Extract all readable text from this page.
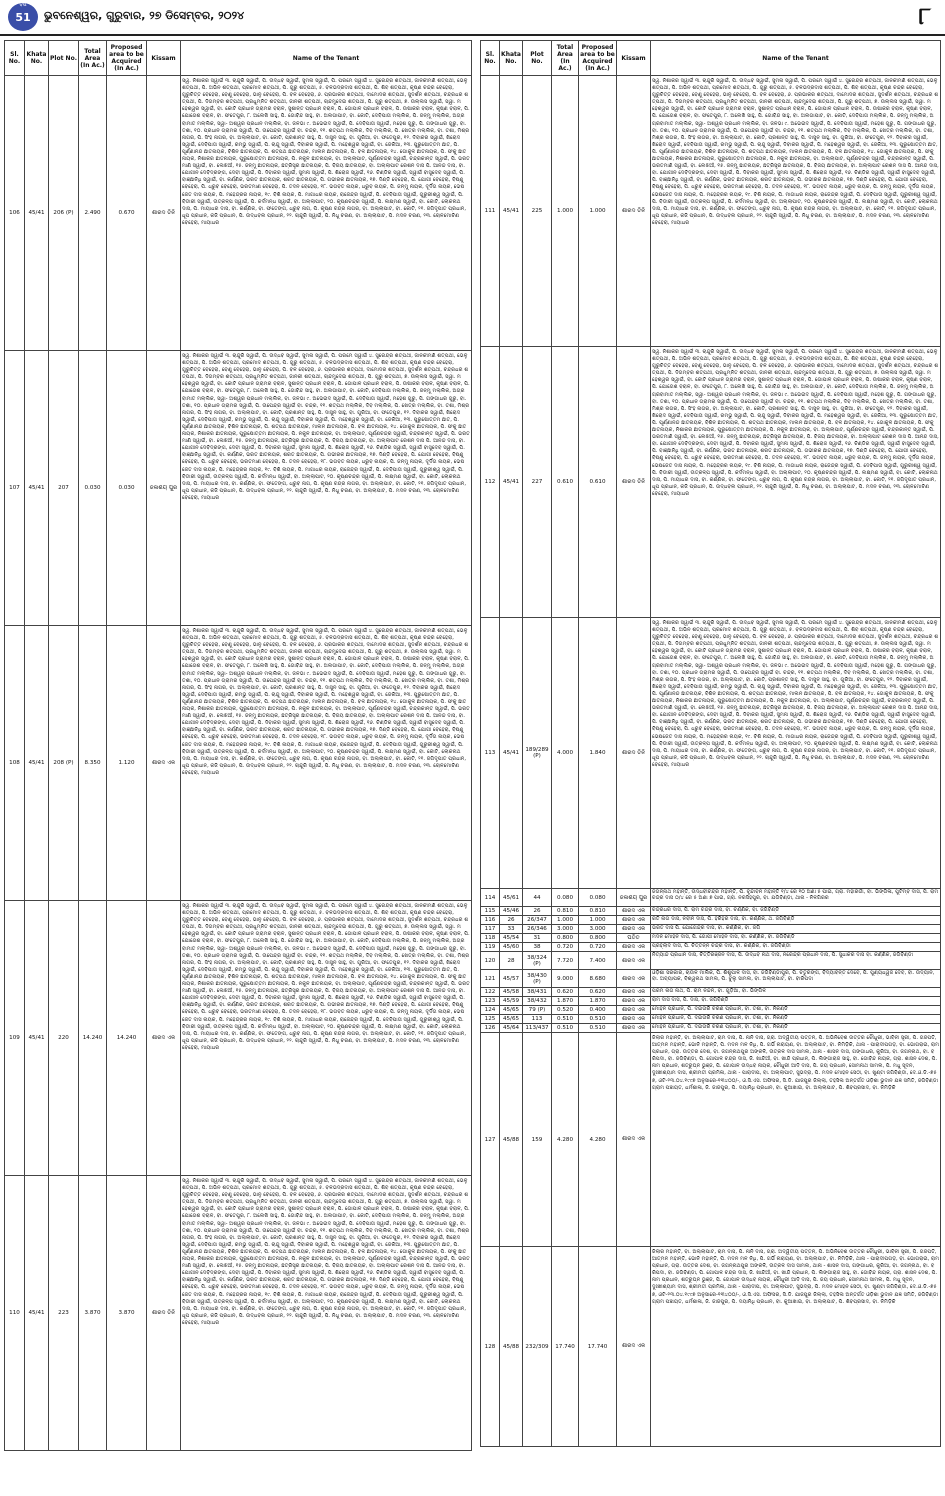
ବର୍ଷ
51	ଭୁବନେଶ୍ୱର, ଗୁରୁବାର, ୨୭ ଡିସେମ୍ବର, ୨୦୨୪	୮
Sl. No.	Khata No.	Plot No.	Total Area (In Ac.)	Proposed area to be Acquired (In Ac.)	Kissam	Name of the Tenant
106	45/41	206 (P)	2.490	0.670	ଶାରଦ ତିନି	ସ୍ୱ. ନିଶାକର ସ୍ୱାଇଁ ୩. ଚାନ୍ଦୁରି ସ୍ୱାଇଁ, ପି. ଉଦ୍ଧବ ସ୍ୱାଇଁ, ସୁମନା ସ୍ୱାଇଁ, ପି. ପରମେ ସ୍ୱାଇଁ ୪. ସୁରେନ୍ଦ୍ର ଶତ୍ପଥୀ, ଜାନକୀମଣି ଶତ୍ପଥୀ, ଭେଳୁ ଶତ୍ପଥୀ, ପି. ଅଭିନ ଶତ୍ପଥୀ, ପ୍ରମୋଦ ଶତ୍ପଥୀ, ପି. ଗୁରୁ ଶତ୍ପଥୀ, ୫. ବଳଭଦ୍ରଦାସ ଶତ୍ପଥୀ, ପି. ଶିବ ଶତ୍ପଥୀ, କୃଷ୍ଣ ଚନ୍ଦ୍ର ବେହେରା, ଗୁରୁଚିତ୍ତ ବେହେରା, ବେଣୁ ବେହେରା, ଭାନୁ ବେହେରା, ପି. ବଳ ବେହେରା, ୬. ପ୍ରଭାକର ଶତ୍ପଥୀ, ଦାମୋଦର ଶତ୍ପଥୀ, ସୁଦର୍ଶନ ଶତ୍ପଥୀ, ଚନ୍ଦ୍ରଧର ଶତ୍ପଥୀ, ପି. ଦିଗମ୍ବର ଶତ୍ପଥୀ, ପ୍ରଧୁମ୍ନିତ ଶତ୍ପଥୀ, ଜାନକୀ ଶତ୍ପଥୀ, ଚାନ୍ଦମୁଦେଇ ଶତ୍ପଥୀ, ପି. ଗୁରୁ ଶତ୍ପଥୀ, ୭. ଉଲ୍ଲସ ସ୍ୱାଇଁ, ସ୍ୱା. ମହେଶ୍ୱର ସ୍ୱାଇଁ, ବା. କୋଟି ପ୍ରଧାନ ଗ୍ରାମର ବରାଳ, ସୁଶାନ୍ତ ପ୍ରଧାନ ବରାଳ, ପି. ଗୋପାଳ ପ୍ରଧାନ ବରାଳ, ପି. ଉଷାକର ବରାଳ, କୃଷ୍ଣ ବରାଳ, ପି. ଯୋଗେଶ ବରାଳ, ବା. ଫତେପୁର, ୮. ଅଲେଖି ସାହୁ, ପି. ଗୋବିନ୍ଦ ସାହୁ, ବା. ଅଲଗାପାଟ, ବା. କୋଟି, ଦେବିପାତା ମଲ୍ଲିକ, ପି. ଜନ୍ମୁ ମଲ୍ଲିକ, ଅଗ୍ରବାମାତ ମଲ୍ଲିକ, ସ୍ୱା- ଅଶ୍ୱର ପ୍ରଧାନ ମଲ୍ଲିକ, ବା. ଜଳଭା ୯. ଅଭେଇଦ ସ୍ୱାଇଁ, ପି. ଦେବିପାତା ସ୍ୱାଇଁ, ମହେଶ ଗୁରୁ, ପି. ଗଙ୍ଗାଧର ଗୁରୁ, ବା. ତଶା, ୧୦. ପ୍ରଧାନ ଗ୍ରାମର ସ୍ୱାଇଁ, ପି. ଉପେନ୍ଦ୍ର ସ୍ୱାଇଁ ବା. ଚନ୍ଦ୍ର, ୧୧. ଶତ୍ପଥ ମଲ୍ଲିକ, ଦିବ ମଲ୍ଲିକ, ପି. ଖେତ୍ର ମଲ୍ଲିକ, ବା. ତଶା, ମିଶ୍ର ନାଗର, ପି. ସିଂହ ନାଗର, ବା. ଅଲ୍ଲାପାଟ, ବା. କୋଟି, ପ୍ରଶାନ୍ତ ସାହୁ, ପି. ଦାସୁନ ସାହୁ, ବା. ଗୁରିଆ, ବା. ଫତେପୁର, ୧୨. ଦିବାକର ସ୍ୱାଇଁ, ଖିରୋଦ ସ୍ୱାଇଁ, ଦେବିପାତା ସ୍ୱାଇଁ, ରମ୍ଭୁ ସ୍ୱାଇଁ, ପି. ଚାନ୍ଦୁ ସ୍ୱାଇଁ, ଦିବାକର ସ୍ୱାଇଁ, ପି. ମହେଶ୍ୱର ସ୍ୱାଇଁ, ବା. ଜେକିଆ, ୧୩. ପୁରୁଷୋତ୍ତମ ଛାତ, ପି. ପୂର୍ଣ୍ଣାନନ୍ଦ ଛାତନାୟକ, ବିଶିନ ଛାତନାୟକ, ପି. ଶତ୍ପଥ ଛାତନାୟକ, ମାଲନ ଛାତନାୟକ, ପି. ବଳ ଛାତନାୟକ, ୧୪. ଗୋକୁଳ ଛାତନାୟକ, ପି. ଫକୁ ଛାତନାୟକ, ନିଶାକର ଛାତନାୟକ, ପୁରୁଷୋତ୍ତମ ଛାତନାୟକ, ପି. ନକୁଳ ଛାତନାୟକ, ବା. ଅଲ୍ଲାପାଟ, ପୂର୍ଣ୍ଣଚନ୍ଦ୍ର ସ୍ୱାଇଁ, ଚନ୍ଦ୍ରକାନ୍ତ ସ୍ୱାଇଁ, ପି. ଭରତମାଣି ସ୍ୱାଇଁ, ବା. ଲେଝିଆଁ, ୧୫. ଜନ୍ମୁ ଛାତନାୟକ, ଛତ୍ରିସ୍ତ୍ର ଛାତନାୟକ, ପି. ବିଜୟ ଛାତନାୟକ, ବା. ଅଲ୍ଲାପାଟ ରେଶନ ଦାସ ପି. ଆନନ୍ଦ ଦାସ, ବା. ଯୋଗୀନ ଦେବିଦ୍ରଙ୍ଗ, ଦେବୀ ସ୍ୱାଇଁ, ପି. ଦିବାକର ସ୍ୱାଇଁ, ସୁମନା ସ୍ୱାଇଁ, ପି. ଶିରୋଜ ସ୍ୱାଇଁ, ୧୬. ଚିଣ୍ଡିର ସ୍ୱାଇଁ, ସ୍ୱାଇଁ ବାସୁଦେବ ସ୍ୱାଇଁ, ପି. ବାଞ୍ଛାନିଧି ସ୍ୱାଇଁ, ବା. କର୍ଣ୍ଣିକ, ଭରତ ଛାତନାୟକ, ଶରତ ଛାତନାୟକ, ପି. ଗଭୀରକ ଛାତନାୟକ, ୧୭. ଦିଣ୍ଡି ବେହେରା, ପି. ଯୋଗୀ ବେହେରା, ବିଷ୍ଣୁ ବେହେରା, ପି. ଧ୍ରୁବ ବେହେରା, ଭରତମାଣ ବେହେରା, ପି. ତଦନ ବେହେରା, ୧୮. ଭଗବତ ନାୟକ, ଧ୍ରୁବ ନାୟକ, ପି. ଜନ୍ମୁ ନାୟକ, ଦୂର୍ଦିଗ ନାୟକ, ଭେଷଜେତ ଦାସ ନାୟକ, ପି. ମହେନ୍ଦ୍ରର ନାୟକ, ୧୯. ବିଶି ନାୟକ, ପି. ମାଗାଧର ନାୟକ, ରାଜେନ୍ଦ୍ର ସ୍ୱାଇଁ, ପି. ଦେବିପାତା ସ୍ୱାଇଁ, ଗୁରୁରୀଶ୍ୱ ସ୍ୱାଇଁ, ପି. ବିଡାରୀ ସ୍ୱାଇଁ, ଉତ୍କଳ୍ପ ସ୍ୱାଇଁ, ପି. କର୍ଦମନ୍ଧ ସ୍ୱାଇଁ, ବା. ଅଲ୍ଲାପାଟ, ୨୦. କୃଷ୍ଣଚନ୍ଦ୍ର ସ୍ୱାଇଁ, ପି. ଲକ୍ଷ୍ମଣ ସ୍ୱାଇଁ, ବା. କୋଟି, ଲୋକନାଥ ଦାସ, ପି. ମାୟାଧର ଦାସ, ବା. କର୍ଣ୍ଣିକ, ବା. ଫତେଙ୍ଗ, ଧ୍ରୁବ ନାଗ, ପି. କୃଷ୍ଣ ଚନ୍ଦ୍ର ନାଗର, ବା. ଅଲ୍ଲାପାଟ, ବା. କୋଟି, ୨୧. ଜଗିଦୃପାତ ପ୍ରଧାନ, ଧୂପ ପ୍ରଧାନ, କଜି ପ୍ରଧାନ, ପି. ଉଦ୍ଧବଲ ପ୍ରଧାନ, ୨୨. ଚାନ୍ଦୁରି ସ୍ୱାଇଁ, ପି. ନିଧୁ ଚରଣ, ବା. ଅଲ୍ଲାପାଟ, ପି. ମଦନ ଚରଣ, ୨୩. ଚୋଳମୋଚିଣ ବେହେରା, ମାୟାଧର
107	45/41	207	0.030	0.030	ଜଳାଶୟ ପୁର	ସ୍ୱ. ନିଶାକର ସ୍ୱାଇଁ ୩. ଚାନ୍ଦୁରି ସ୍ୱାଇଁ, ପି. ଉଦ୍ଧବ ସ୍ୱାଇଁ, ସୁମନା ସ୍ୱାଇଁ, ପି. ପରମେ ସ୍ୱାଇଁ ୪. ସୁରେନ୍ଦ୍ର ଶତ୍ପଥୀ, ଜାନକୀମଣି ଶତ୍ପଥୀ, ଭେଳୁ ଶତ୍ପଥୀ, ପି. ଅଭିନ ଶତ୍ପଥୀ, ପ୍ରମୋଦ ଶତ୍ପଥୀ, ପି. ଗୁରୁ ଶତ୍ପଥୀ, ୫. ବଳଭଦ୍ରଦାସ ଶତ୍ପଥୀ, ପି. ଶିବ ଶତ୍ପଥୀ, କୃଷ୍ଣ ଚନ୍ଦ୍ର ବେହେରା, ଗୁରୁଚିତ୍ତ ବେହେରା, ବେଣୁ ବେହେରା, ଭାନୁ ବେହେରା, ପି. ବଳ ବେହେରା, ୬. ପ୍ରଭାକର ଶତ୍ପଥୀ, ଦାମୋଦର ଶତ୍ପଥୀ, ସୁଦର୍ଶନ ଶତ୍ପଥୀ, ଚନ୍ଦ୍ରଧର ଶତ୍ପଥୀ, ପି. ଦିଗମ୍ବର ଶତ୍ପଥୀ, ପ୍ରଧୁମ୍ନିତ ଶତ୍ପଥୀ, ଜାନକୀ ଶତ୍ପଥୀ, ଚାନ୍ଦମୁଦେଇ ଶତ୍ପଥୀ, ପି. ଗୁରୁ ଶତ୍ପଥୀ, ୭. ଉଲ୍ଲସ ସ୍ୱାଇଁ, ସ୍ୱା. ମହେଶ୍ୱର ସ୍ୱାଇଁ, ବା. କୋଟି ପ୍ରଧାନ ଗ୍ରାମର ବରାଳ, ସୁଶାନ୍ତ ପ୍ରଧାନ ବରାଳ, ପି. ଗୋପାଳ ପ୍ରଧାନ ବରାଳ, ପି. ଉଷାକର ବରାଳ, କୃଷ୍ଣ ବରାଳ, ପି. ଯୋଗେଶ ବରାଳ, ବା. ଫତେପୁର, ୮. ଅଲେଖି ସାହୁ, ପି. ଗୋବିନ୍ଦ ସାହୁ, ବା. ଅଲଗାପାଟ, ବା. କୋଟି, ଦେବିପାତା ମଲ୍ଲିକ, ପି. ଜନ୍ମୁ ମଲ୍ଲିକ, ଅଗ୍ରବାମାତ ମଲ୍ଲିକ, ସ୍ୱା- ଅଶ୍ୱର ପ୍ରଧାନ ମଲ୍ଲିକ, ବା. ଜଳଭା ୯. ଅଭେଇଦ ସ୍ୱାଇଁ, ପି. ଦେବିପାତା ସ୍ୱାଇଁ, ମହେଶ ଗୁରୁ, ପି. ଗଙ୍ଗାଧର ଗୁରୁ, ବା. ତଶା, ୧୦. ପ୍ରଧାନ ଗ୍ରାମର ସ୍ୱାଇଁ, ପି. ଉପେନ୍ଦ୍ର ସ୍ୱାଇଁ ବା. ଚନ୍ଦ୍ର, ୧୧. ଶତ୍ପଥ ମଲ୍ଲିକ, ଦିବ ମଲ୍ଲିକ, ପି. ଖେତ୍ର ମଲ୍ଲିକ, ବା. ତଶା, ମିଶ୍ର ନାଗର, ପି. ସିଂହ ନାଗର, ବା. ଅଲ୍ଲାପାଟ, ବା. କୋଟି, ପ୍ରଶାନ୍ତ ସାହୁ, ପି. ଦାସୁନ ସାହୁ, ବା. ଗୁରିଆ, ବା. ଫତେପୁର, ୧୨. ଦିବାକର ସ୍ୱାଇଁ, ଖିରୋଦ ସ୍ୱାଇଁ, ଦେବିପାତା ସ୍ୱାଇଁ, ରମ୍ଭୁ ସ୍ୱାଇଁ, ପି. ଚାନ୍ଦୁ ସ୍ୱାଇଁ, ଦିବାକର ସ୍ୱାଇଁ, ପି. ମହେଶ୍ୱର ସ୍ୱାଇଁ, ବା. ଜେକିଆ, ୧୩. ପୁରୁଷୋତ୍ତମ ଛାତ, ପି. ପୂର୍ଣ୍ଣାନନ୍ଦ ଛାତନାୟକ, ବିଶିନ ଛାତନାୟକ, ପି. ଶତ୍ପଥ ଛାତନାୟକ, ମାଲନ ଛାତନାୟକ, ପି. ବଳ ଛାତନାୟକ, ୧୪. ଗୋକୁଳ ଛାତନାୟକ, ପି. ଫକୁ ଛାତନାୟକ, ନିଶାକର ଛାତନାୟକ, ପୁରୁଷୋତ୍ତମ ଛାତନାୟକ, ପି. ନକୁଳ ଛାତନାୟକ, ବା. ଅଲ୍ଲାପାଟ, ପୂର୍ଣ୍ଣଚନ୍ଦ୍ର ସ୍ୱାଇଁ, ଚନ୍ଦ୍ରକାନ୍ତ ସ୍ୱାଇଁ, ପି. ଭରତମାଣି ସ୍ୱାଇଁ, ବା. ଲେଝିଆଁ, ୧୫. ଜନ୍ମୁ ଛାତନାୟକ, ଛତ୍ରିସ୍ତ୍ର ଛାତନାୟକ, ପି. ବିଜୟ ଛାତନାୟକ, ବା. ଅଲ୍ଲାପାଟ ରେଶନ ଦାସ ପି. ଆନନ୍ଦ ଦାସ, ବା. ଯୋଗୀନ ଦେବିଦ୍ରଙ୍ଗ, ଦେବୀ ସ୍ୱାଇଁ, ପି. ଦିବାକର ସ୍ୱାଇଁ, ସୁମନା ସ୍ୱାଇଁ, ପି. ଶିରୋଜ ସ୍ୱାଇଁ, ୧୬. ଚିଣ୍ଡିର ସ୍ୱାଇଁ, ସ୍ୱାଇଁ ବାସୁଦେବ ସ୍ୱାଇଁ, ପି. ବାଞ୍ଛାନିଧି ସ୍ୱାଇଁ, ବା. କର୍ଣ୍ଣିକ, ଭରତ ଛାତନାୟକ, ଶରତ ଛାତନାୟକ, ପି. ଗଭୀରକ ଛାତନାୟକ, ୧୭. ଦିଣ୍ଡି ବେହେରା, ପି. ଯୋଗୀ ବେହେରା, ବିଷ୍ଣୁ ବେହେରା, ପି. ଧ୍ରୁବ ବେହେରା, ଭରତମାଣ ବେହେରା, ପି. ତଦନ ବେହେରା, ୧୮. ଭଗବତ ନାୟକ, ଧ୍ରୁବ ନାୟକ, ପି. ଜନ୍ମୁ ନାୟକ, ଦୂର୍ଦିଗ ନାୟକ, ଭେଷଜେତ ଦାସ ନାୟକ, ପି. ମହେନ୍ଦ୍ରର ନାୟକ, ୧୯. ବିଶି ନାୟକ, ପି. ମାଗାଧର ନାୟକ, ରାଜେନ୍ଦ୍ର ସ୍ୱାଇଁ, ପି. ଦେବିପାତା ସ୍ୱାଇଁ, ଗୁରୁରୀଶ୍ୱ ସ୍ୱାଇଁ, ପି. ବିଡାରୀ ସ୍ୱାଇଁ, ଉତ୍କଳ୍ପ ସ୍ୱାଇଁ, ପି. କର୍ଦମନ୍ଧ ସ୍ୱାଇଁ, ବା. ଅଲ୍ଲାପାଟ, ୨୦. କୃଷ୍ଣଚନ୍ଦ୍ର ସ୍ୱାଇଁ, ପି. ଲକ୍ଷ୍ମଣ ସ୍ୱାଇଁ, ବା. କୋଟି, ଲୋକନାଥ ଦାସ, ପି. ମାୟାଧର ଦାସ, ବା. କର୍ଣ୍ଣିକ, ବା. ଫତେଙ୍ଗ, ଧ୍ରୁବ ନାଗ, ପି. କୃଷ୍ଣ ଚନ୍ଦ୍ର ନାଗର, ବା. ଅଲ୍ଲାପାଟ, ବା. କୋଟି, ୨୧. ଜଗିଦୃପାତ ପ୍ରଧାନ, ଧୂପ ପ୍ରଧାନ, କଜି ପ୍ରଧାନ, ପି. ଉଦ୍ଧବଲ ପ୍ରଧାନ, ୨୨. ଚାନ୍ଦୁରି ସ୍ୱାଇଁ, ପି. ନିଧୁ ଚରଣ, ବା. ଅଲ୍ଲାପାଟ, ପି. ମଦନ ଚରଣ, ୨୩. ଚୋଳମୋଚିଣ ବେହେରା, ମାୟାଧର
108	45/41	208 (P)	8.350	1.120	ଶାରଦ ଏକ	ସ୍ୱ. ନିଶାକର ସ୍ୱାଇଁ ୩. ଚାନ୍ଦୁରି ସ୍ୱାଇଁ, ପି. ଉଦ୍ଧବ ସ୍ୱାଇଁ, ସୁମନା ସ୍ୱାଇଁ, ପି. ପରମେ ସ୍ୱାଇଁ ୪. ସୁରେନ୍ଦ୍ର ଶତ୍ପଥୀ, ଜାନକୀମଣି ଶତ୍ପଥୀ, ଭେଳୁ ଶତ୍ପଥୀ, ପି. ଅଭିନ ଶତ୍ପଥୀ, ପ୍ରମୋଦ ଶତ୍ପଥୀ, ପି. ଗୁରୁ ଶତ୍ପଥୀ, ୫. ବଳଭଦ୍ରଦାସ ଶତ୍ପଥୀ, ପି. ଶିବ ଶତ୍ପଥୀ, କୃଷ୍ଣ ଚନ୍ଦ୍ର ବେହେରା, ଗୁରୁଚିତ୍ତ ବେହେରା, ବେଣୁ ବେହେରା, ଭାନୁ ବେହେରା, ପି. ବଳ ବେହେରା, ୬. ପ୍ରଭାକର ଶତ୍ପଥୀ, ଦାମୋଦର ଶତ୍ପଥୀ, ସୁଦର୍ଶନ ଶତ୍ପଥୀ, ଚନ୍ଦ୍ରଧର ଶତ୍ପଥୀ, ପି. ଦିଗମ୍ବର ଶତ୍ପଥୀ, ପ୍ରଧୁମ୍ନିତ ଶତ୍ପଥୀ, ଜାନକୀ ଶତ୍ପଥୀ, ଚାନ୍ଦମୁଦେଇ ଶତ୍ପଥୀ, ପି. ଗୁରୁ ଶତ୍ପଥୀ, ୭. ଉଲ୍ଲସ ସ୍ୱାଇଁ, ସ୍ୱା. ମହେଶ୍ୱର ସ୍ୱାଇଁ, ବା. କୋଟି ପ୍ରଧାନ ଗ୍ରାମର ବରାଳ, ସୁଶାନ୍ତ ପ୍ରଧାନ ବରାଳ, ପି. ଗୋପାଳ ପ୍ରଧାନ ବରାଳ, ପି. ଉଷାକର ବରାଳ, କୃଷ୍ଣ ବରାଳ, ପି. ଯୋଗେଶ ବରାଳ, ବା. ଫତେପୁର, ୮. ଅଲେଖି ସାହୁ, ପି. ଗୋବିନ୍ଦ ସାହୁ, ବା. ଅଲଗାପାଟ, ବା. କୋଟି, ଦେବିପାତା ମଲ୍ଲିକ, ପି. ଜନ୍ମୁ ମଲ୍ଲିକ, ଅଗ୍ରବାମାତ ମଲ୍ଲିକ, ସ୍ୱା- ଅଶ୍ୱର ପ୍ରଧାନ ମଲ୍ଲିକ, ବା. ଜଳଭା ୯. ଅଭେଇଦ ସ୍ୱାଇଁ, ପି. ଦେବିପାତା ସ୍ୱାଇଁ, ମହେଶ ଗୁରୁ, ପି. ଗଙ୍ଗାଧର ଗୁରୁ, ବା. ତଶା, ୧୦. ପ୍ରଧାନ ଗ୍ରାମର ସ୍ୱାଇଁ, ପି. ଉପେନ୍ଦ୍ର ସ୍ୱାଇଁ ବା. ଚନ୍ଦ୍ର, ୧୧. ଶତ୍ପଥ ମଲ୍ଲିକ, ଦିବ ମଲ୍ଲିକ, ପି. ଖେତ୍ର ମଲ୍ଲିକ, ବା. ତଶା, ମିଶ୍ର ନାଗର, ପି. ସିଂହ ନାଗର, ବା. ଅଲ୍ଲାପାଟ, ବା. କୋଟି, ପ୍ରଶାନ୍ତ ସାହୁ, ପି. ଦାସୁନ ସାହୁ, ବା. ଗୁରିଆ, ବା. ଫତେପୁର, ୧୨. ଦିବାକର ସ୍ୱାଇଁ, ଖିରୋଦ ସ୍ୱାଇଁ, ଦେବିପାତା ସ୍ୱାଇଁ, ରମ୍ଭୁ ସ୍ୱାଇଁ, ପି. ଚାନ୍ଦୁ ସ୍ୱାଇଁ, ଦିବାକର ସ୍ୱାଇଁ, ପି. ମହେଶ୍ୱର ସ୍ୱାଇଁ, ବା. ଜେକିଆ, ୧୩. ପୁରୁଷୋତ୍ତମ ଛାତ, ପି. ପୂର୍ଣ୍ଣାନନ୍ଦ ଛାତନାୟକ, ବିଶିନ ଛାତନାୟକ, ପି. ଶତ୍ପଥ ଛାତନାୟକ, ମାଲନ ଛାତନାୟକ, ପି. ବଳ ଛାତନାୟକ, ୧୪. ଗୋକୁଳ ଛାତନାୟକ, ପି. ଫକୁ ଛାତନାୟକ, ନିଶାକର ଛାତନାୟକ, ପୁରୁଷୋତ୍ତମ ଛାତନାୟକ, ପି. ନକୁଳ ଛାତନାୟକ, ବା. ଅଲ୍ଲାପାଟ, ପୂର୍ଣ୍ଣଚନ୍ଦ୍ର ସ୍ୱାଇଁ, ଚନ୍ଦ୍ରକାନ୍ତ ସ୍ୱାଇଁ, ପି. ଭରତମାଣି ସ୍ୱାଇଁ, ବା. ଲେଝିଆଁ, ୧୫. ଜନ୍ମୁ ଛାତନାୟକ, ଛତ୍ରିସ୍ତ୍ର ଛାତନାୟକ, ପି. ବିଜୟ ଛାତନାୟକ, ବା. ଅଲ୍ଲାପାଟ ରେଶନ ଦାସ ପି. ଆନନ୍ଦ ଦାସ, ବା. ଯୋଗୀନ ଦେବିଦ୍ରଙ୍ଗ, ଦେବୀ ସ୍ୱାଇଁ, ପି. ଦିବାକର ସ୍ୱାଇଁ, ସୁମନା ସ୍ୱାଇଁ, ପି. ଶିରୋଜ ସ୍ୱାଇଁ, ୧୬. ଚିଣ୍ଡିର ସ୍ୱାଇଁ, ସ୍ୱାଇଁ ବାସୁଦେବ ସ୍ୱାଇଁ, ପି. ବାଞ୍ଛାନିଧି ସ୍ୱାଇଁ, ବା. କର୍ଣ୍ଣିକ, ଭରତ ଛାତନାୟକ, ଶରତ ଛାତନାୟକ, ପି. ଗଭୀରକ ଛାତନାୟକ, ୧୭. ଦିଣ୍ଡି ବେହେରା, ପି. ଯୋଗୀ ବେହେରା, ବିଷ୍ଣୁ ବେହେରା, ପି. ଧ୍ରୁବ ବେହେରା, ଭରତମାଣ ବେହେରା, ପି. ତଦନ ବେହେରା, ୧୮. ଭଗବତ ନାୟକ, ଧ୍ରୁବ ନାୟକ, ପି. ଜନ୍ମୁ ନାୟକ, ଦୂର୍ଦିଗ ନାୟକ, ଭେଷଜେତ ଦାସ ନାୟକ, ପି. ମହେନ୍ଦ୍ରର ନାୟକ, ୧୯. ବିଶି ନାୟକ, ପି. ମାଗାଧର ନାୟକ, ରାଜେନ୍ଦ୍ର ସ୍ୱାଇଁ, ପି. ଦେବିପାତା ସ୍ୱାଇଁ, ଗୁରୁରୀଶ୍ୱ ସ୍ୱାଇଁ, ପି. ବିଡାରୀ ସ୍ୱାଇଁ, ଉତ୍କଳ୍ପ ସ୍ୱାଇଁ, ପି. କର୍ଦମନ୍ଧ ସ୍ୱାଇଁ, ବା. ଅଲ୍ଲାପାଟ, ୨୦. କୃଷ୍ଣଚନ୍ଦ୍ର ସ୍ୱାଇଁ, ପି. ଲକ୍ଷ୍ମଣ ସ୍ୱାଇଁ, ବା. କୋଟି, ଲୋକନାଥ ଦାସ, ପି. ମାୟାଧର ଦାସ, ବା. କର୍ଣ୍ଣିକ, ବା. ଫତେଙ୍ଗ, ଧ୍ରୁବ ନାଗ, ପି. କୃଷ୍ଣ ଚନ୍ଦ୍ର ନାଗର, ବା. ଅଲ୍ଲାପାଟ, ବା. କୋଟି, ୨୧. ଜଗିଦୃପାତ ପ୍ରଧାନ, ଧୂପ ପ୍ରଧାନ, କଜି ପ୍ରଧାନ, ପି. ଉଦ୍ଧବଲ ପ୍ରଧାନ, ୨୨. ଚାନ୍ଦୁରି ସ୍ୱାଇଁ, ପି. ନିଧୁ ଚରଣ, ବା. ଅଲ୍ଲାପାଟ, ପି. ମଦନ ଚରଣ, ୨୩. ଚୋଳମୋଚିଣ ବେହେରା, ମାୟାଧର
109	45/41	220	14.240	14.240	ଶାରଦ ଏକ	ସ୍ୱ. ନିଶାକର ସ୍ୱାଇଁ ୩. ଚାନ୍ଦୁରି ସ୍ୱାଇଁ, ପି. ଉଦ୍ଧବ ସ୍ୱାଇଁ, ସୁମନା ସ୍ୱାଇଁ, ପି. ପରମେ ସ୍ୱାଇଁ ୪. ସୁରେନ୍ଦ୍ର ଶତ୍ପଥୀ, ଜାନକୀମଣି ଶତ୍ପଥୀ, ଭେଳୁ ଶତ୍ପଥୀ, ପି. ଅଭିନ ଶତ୍ପଥୀ, ପ୍ରମୋଦ ଶତ୍ପଥୀ, ପି. ଗୁରୁ ଶତ୍ପଥୀ, ୫. ବଳଭଦ୍ରଦାସ ଶତ୍ପଥୀ, ପି. ଶିବ ଶତ୍ପଥୀ, କୃଷ୍ଣ ଚନ୍ଦ୍ର ବେହେରା, ଗୁରୁଚିତ୍ତ ବେହେରା, ବେଣୁ ବେହେରା, ଭାନୁ ବେହେରା, ପି. ବଳ ବେହେରା, ୬. ପ୍ରଭାକର ଶତ୍ପଥୀ, ଦାମୋଦର ଶତ୍ପଥୀ, ସୁଦର୍ଶନ ଶତ୍ପଥୀ, ଚନ୍ଦ୍ରଧର ଶତ୍ପଥୀ, ପି. ଦିଗମ୍ବର ଶତ୍ପଥୀ, ପ୍ରଧୁମ୍ନିତ ଶତ୍ପଥୀ, ଜାନକୀ ଶତ୍ପଥୀ, ଚାନ୍ଦମୁଦେଇ ଶତ୍ପଥୀ, ପି. ଗୁରୁ ଶତ୍ପଥୀ, ୭. ଉଲ୍ଲସ ସ୍ୱାଇଁ, ସ୍ୱା. ମହେଶ୍ୱର ସ୍ୱାଇଁ, ବା. କୋଟି ପ୍ରଧାନ ଗ୍ରାମର ବରାଳ, ସୁଶାନ୍ତ ପ୍ରଧାନ ବରାଳ, ପି. ଗୋପାଳ ପ୍ରଧାନ ବରାଳ, ପି. ଉଷାକର ବରାଳ, କୃଷ୍ଣ ବରାଳ, ପି. ଯୋଗେଶ ବରାଳ, ବା. ଫତେପୁର, ୮. ଅଲେଖି ସାହୁ, ପି. ଗୋବିନ୍ଦ ସାହୁ, ବା. ଅଲଗାପାଟ, ବା. କୋଟି, ଦେବିପାତା ମଲ୍ଲିକ, ପି. ଜନ୍ମୁ ମଲ୍ଲିକ, ଅଗ୍ରବାମାତ ମଲ୍ଲିକ, ସ୍ୱା- ଅଶ୍ୱର ପ୍ରଧାନ ମଲ୍ଲିକ, ବା. ଜଳଭା ୯. ଅଭେଇଦ ସ୍ୱାଇଁ, ପି. ଦେବିପାତା ସ୍ୱାଇଁ, ମହେଶ ଗୁରୁ, ପି. ଗଙ୍ଗାଧର ଗୁରୁ, ବା. ତଶା, ୧୦. ପ୍ରଧାନ ଗ୍ରାମର ସ୍ୱାଇଁ, ପି. ଉପେନ୍ଦ୍ର ସ୍ୱାଇଁ ବା. ଚନ୍ଦ୍ର, ୧୧. ଶତ୍ପଥ ମଲ୍ଲିକ, ଦିବ ମଲ୍ଲିକ, ପି. ଖେତ୍ର ମଲ୍ଲିକ, ବା. ତଶା, ମିଶ୍ର ନାଗର, ପି. ସିଂହ ନାଗର, ବା. ଅଲ୍ଲାପାଟ, ବା. କୋଟି, ପ୍ରଶାନ୍ତ ସାହୁ, ପି. ଦାସୁନ ସାହୁ, ବା. ଗୁରିଆ, ବା. ଫତେପୁର, ୧୨. ଦିବାକର ସ୍ୱାଇଁ, ଖିରୋଦ ସ୍ୱାଇଁ, ଦେବିପାତା ସ୍ୱାଇଁ, ରମ୍ଭୁ ସ୍ୱାଇଁ, ପି. ଚାନ୍ଦୁ ସ୍ୱାଇଁ, ଦିବାକର ସ୍ୱାଇଁ, ପି. ମହେଶ୍ୱର ସ୍ୱାଇଁ, ବା. ଜେକିଆ, ୧୩. ପୁରୁଷୋତ୍ତମ ଛାତ, ପି. ପୂର୍ଣ୍ଣାନନ୍ଦ ଛାତନାୟକ, ବିଶିନ ଛାତନାୟକ, ପି. ଶତ୍ପଥ ଛାତନାୟକ, ମାଲନ ଛାତନାୟକ, ପି. ବଳ ଛାତନାୟକ, ୧୪. ଗୋକୁଳ ଛାତନାୟକ, ପି. ଫକୁ ଛାତନାୟକ, ନିଶାକର ଛାତନାୟକ, ପୁରୁଷୋତ୍ତମ ଛାତନାୟକ, ପି. ନକୁଳ ଛାତନାୟକ, ବା. ଅଲ୍ଲାପାଟ, ପୂର୍ଣ୍ଣଚନ୍ଦ୍ର ସ୍ୱାଇଁ, ଚନ୍ଦ୍ରକାନ୍ତ ସ୍ୱାଇଁ, ପି. ଭରତମାଣି ସ୍ୱାଇଁ, ବା. ଲେଝିଆଁ, ୧୫. ଜନ୍ମୁ ଛାତନାୟକ, ଛତ୍ରିସ୍ତ୍ର ଛାତନାୟକ, ପି. ବିଜୟ ଛାତନାୟକ, ବା. ଅଲ୍ଲାପାଟ ରେଶନ ଦାସ ପି. ଆନନ୍ଦ ଦାସ, ବା. ଯୋଗୀନ ଦେବିଦ୍ରଙ୍ଗ, ଦେବୀ ସ୍ୱାଇଁ, ପି. ଦିବାକର ସ୍ୱାଇଁ, ସୁମନା ସ୍ୱାଇଁ, ପି. ଶିରୋଜ ସ୍ୱାଇଁ, ୧୬. ଚିଣ୍ଡିର ସ୍ୱାଇଁ, ସ୍ୱାଇଁ ବାସୁଦେବ ସ୍ୱାଇଁ, ପି. ବାଞ୍ଛାନିଧି ସ୍ୱାଇଁ, ବା. କର୍ଣ୍ଣିକ, ଭରତ ଛାତନାୟକ, ଶରତ ଛାତନାୟକ, ପି. ଗଭୀରକ ଛାତନାୟକ, ୧୭. ଦିଣ୍ଡି ବେହେରା, ପି. ଯୋଗୀ ବେହେରା, ବିଷ୍ଣୁ ବେହେରା, ପି. ଧ୍ରୁବ ବେହେରା, ଭରତମାଣ ବେହେରା, ପି. ତଦନ ବେହେରା, ୧୮. ଭଗବତ ନାୟକ, ଧ୍ରୁବ ନାୟକ, ପି. ଜନ୍ମୁ ନାୟକ, ଦୂର୍ଦିଗ ନାୟକ, ଭେଷଜେତ ଦାସ ନାୟକ, ପି. ମହେନ୍ଦ୍ରର ନାୟକ, ୧୯. ବିଶି ନାୟକ, ପି. ମାଗାଧର ନାୟକ, ରାଜେନ୍ଦ୍ର ସ୍ୱାଇଁ, ପି. ଦେବିପାତା ସ୍ୱାଇଁ, ଗୁରୁରୀଶ୍ୱ ସ୍ୱାଇଁ, ପି. ବିଡାରୀ ସ୍ୱାଇଁ, ଉତ୍କଳ୍ପ ସ୍ୱାଇଁ, ପି. କର୍ଦମନ୍ଧ ସ୍ୱାଇଁ, ବା. ଅଲ୍ଲାପାଟ, ୨୦. କୃଷ୍ଣଚନ୍ଦ୍ର ସ୍ୱାଇଁ, ପି. ଲକ୍ଷ୍ମଣ ସ୍ୱାଇଁ, ବା. କୋଟି, ଲୋକନାଥ ଦାସ, ପି. ମାୟାଧର ଦାସ, ବା. କର୍ଣ୍ଣିକ, ବା. ଫତେଙ୍ଗ, ଧ୍ରୁବ ନାଗ, ପି. କୃଷ୍ଣ ଚନ୍ଦ୍ର ନାଗର, ବା. ଅଲ୍ଲାପାଟ, ବା. କୋଟି, ୨୧. ଜଗିଦୃପାତ ପ୍ରଧାନ, ଧୂପ ପ୍ରଧାନ, କଜି ପ୍ରଧାନ, ପି. ଉଦ୍ଧବଲ ପ୍ରଧାନ, ୨୨. ଚାନ୍ଦୁରି ସ୍ୱାଇଁ, ପି. ନିଧୁ ଚରଣ, ବା. ଅଲ୍ଲାପାଟ, ପି. ମଦନ ଚରଣ, ୨୩. ଚୋଳମୋଚିଣ ବେହେରା, ମାୟାଧର
110	45/41	223	3.870	3.870	ଶାରଦ ତିନି	ସ୍ୱ. ନିଶାକର ସ୍ୱାଇଁ ୩. ଚାନ୍ଦୁରି ସ୍ୱାଇଁ, ପି. ଉଦ୍ଧବ ସ୍ୱାଇଁ, ସୁମନା ସ୍ୱାଇଁ, ପି. ପରମେ ସ୍ୱାଇଁ ୪. ସୁରେନ୍ଦ୍ର ଶତ୍ପଥୀ, ଜାନକୀମଣି ଶତ୍ପଥୀ, ଭେଳୁ ଶତ୍ପଥୀ, ପି. ଅଭିନ ଶତ୍ପଥୀ, ପ୍ରମୋଦ ଶତ୍ପଥୀ, ପି. ଗୁରୁ ଶତ୍ପଥୀ, ୫. ବଳଭଦ୍ରଦାସ ଶତ୍ପଥୀ, ପି. ଶିବ ଶତ୍ପଥୀ, କୃଷ୍ଣ ଚନ୍ଦ୍ର ବେହେରା, ଗୁରୁଚିତ୍ତ ବେହେରା, ବେଣୁ ବେହେରା, ଭାନୁ ବେହେରା, ପି. ବଳ ବେହେରା, ୬. ପ୍ରଭାକର ଶତ୍ପଥୀ, ଦାମୋଦର ଶତ୍ପଥୀ, ସୁଦର୍ଶନ ଶତ୍ପଥୀ, ଚନ୍ଦ୍ରଧର ଶତ୍ପଥୀ, ପି. ଦିଗମ୍ବର ଶତ୍ପଥୀ, ପ୍ରଧୁମ୍ନିତ ଶତ୍ପଥୀ, ଜାନକୀ ଶତ୍ପଥୀ, ଚାନ୍ଦମୁଦେଇ ଶତ୍ପଥୀ, ପି. ଗୁରୁ ଶତ୍ପଥୀ, ୭. ଉଲ୍ଲସ ସ୍ୱାଇଁ, ସ୍ୱା. ମହେଶ୍ୱର ସ୍ୱାଇଁ, ବା. କୋଟି ପ୍ରଧାନ ଗ୍ରାମର ବରାଳ, ସୁଶାନ୍ତ ପ୍ରଧାନ ବରାଳ, ପି. ଗୋପାଳ ପ୍ରଧାନ ବରାଳ, ପି. ଉଷାକର ବରାଳ, କୃଷ୍ଣ ବରାଳ, ପି. ଯୋଗେଶ ବରାଳ, ବା. ଫତେପୁର, ୮. ଅଲେଖି ସାହୁ, ପି. ଗୋବିନ୍ଦ ସାହୁ, ବା. ଅଲଗାପାଟ, ବା. କୋଟି, ଦେବିପାତା ମଲ୍ଲିକ, ପି. ଜନ୍ମୁ ମଲ୍ଲିକ, ଅଗ୍ରବାମାତ ମଲ୍ଲିକ, ସ୍ୱା- ଅଶ୍ୱର ପ୍ରଧାନ ମଲ୍ଲିକ, ବା. ଜଳଭା ୯. ଅଭେଇଦ ସ୍ୱାଇଁ, ପି. ଦେବିପାତା ସ୍ୱାଇଁ, ମହେଶ ଗୁରୁ, ପି. ଗଙ୍ଗାଧର ଗୁରୁ, ବା. ତଶା, ୧୦. ପ୍ରଧାନ ଗ୍ରାମର ସ୍ୱାଇଁ, ପି. ଉପେନ୍ଦ୍ର ସ୍ୱାଇଁ ବା. ଚନ୍ଦ୍ର, ୧୧. ଶତ୍ପଥ ମଲ୍ଲିକ, ଦିବ ମଲ୍ଲିକ, ପି. ଖେତ୍ର ମଲ୍ଲିକ, ବା. ତଶା, ମିଶ୍ର ନାଗର, ପି. ସିଂହ ନାଗର, ବା. ଅଲ୍ଲାପାଟ, ବା. କୋଟି, ପ୍ରଶାନ୍ତ ସାହୁ, ପି. ଦାସୁନ ସାହୁ, ବା. ଗୁରିଆ, ବା. ଫତେପୁର, ୧୨. ଦିବାକର ସ୍ୱାଇଁ, ଖିରୋଦ ସ୍ୱାଇଁ, ଦେବିପାତା ସ୍ୱାଇଁ, ରମ୍ଭୁ ସ୍ୱାଇଁ, ପି. ଚାନ୍ଦୁ ସ୍ୱାଇଁ, ଦିବାକର ସ୍ୱାଇଁ, ପି. ମହେଶ୍ୱର ସ୍ୱାଇଁ, ବା. ଜେକିଆ, ୧୩. ପୁରୁଷୋତ୍ତମ ଛାତ, ପି. ପୂର୍ଣ୍ଣାନନ୍ଦ ଛାତନାୟକ, ବିଶିନ ଛାତନାୟକ, ପି. ଶତ୍ପଥ ଛାତନାୟକ, ମାଲନ ଛାତନାୟକ, ପି. ବଳ ଛାତନାୟକ, ୧୪. ଗୋକୁଳ ଛାତନାୟକ, ପି. ଫକୁ ଛାତନାୟକ, ନିଶାକର ଛାତନାୟକ, ପୁରୁଷୋତ୍ତମ ଛାତନାୟକ, ପି. ନକୁଳ ଛାତନାୟକ, ବା. ଅଲ୍ଲାପାଟ, ପୂର୍ଣ୍ଣଚନ୍ଦ୍ର ସ୍ୱାଇଁ, ଚନ୍ଦ୍ରକାନ୍ତ ସ୍ୱାଇଁ, ପି. ଭରତମାଣି ସ୍ୱାଇଁ, ବା. ଲେଝିଆଁ, ୧୫. ଜନ୍ମୁ ଛାତନାୟକ, ଛତ୍ରିସ୍ତ୍ର ଛାତନାୟକ, ପି. ବିଜୟ ଛାତନାୟକ, ବା. ଅଲ୍ଲାପାଟ ରେଶନ ଦାସ ପି. ଆନନ୍ଦ ଦାସ, ବା. ଯୋଗୀନ ଦେବିଦ୍ରଙ୍ଗ, ଦେବୀ ସ୍ୱାଇଁ, ପି. ଦିବାକର ସ୍ୱାଇଁ, ସୁମନା ସ୍ୱାଇଁ, ପି. ଶିରୋଜ ସ୍ୱାଇଁ, ୧୬. ଚିଣ୍ଡିର ସ୍ୱାଇଁ, ସ୍ୱାଇଁ ବାସୁଦେବ ସ୍ୱାଇଁ, ପି. ବାଞ୍ଛାନିଧି ସ୍ୱାଇଁ, ବା. କର୍ଣ୍ଣିକ, ଭରତ ଛାତନାୟକ, ଶରତ ଛାତନାୟକ, ପି. ଗଭୀରକ ଛାତନାୟକ, ୧୭. ଦିଣ୍ଡି ବେହେରା, ପି. ଯୋଗୀ ବେହେରା, ବିଷ୍ଣୁ ବେହେରା, ପି. ଧ୍ରୁବ ବେହେରା, ଭରତମାଣ ବେହେରା, ପି. ତଦନ ବେହେରା, ୧୮. ଭଗବତ ନାୟକ, ଧ୍ରୁବ ନାୟକ, ପି. ଜନ୍ମୁ ନାୟକ, ଦୂର୍ଦିଗ ନାୟକ, ଭେଷଜେତ ଦାସ ନାୟକ, ପି. ମହେନ୍ଦ୍ରର ନାୟକ, ୧୯. ବିଶି ନାୟକ, ପି. ମାଗାଧର ନାୟକ, ରାଜେନ୍ଦ୍ର ସ୍ୱାଇଁ, ପି. ଦେବିପାତା ସ୍ୱାଇଁ, ଗୁରୁରୀଶ୍ୱ ସ୍ୱାଇଁ, ପି. ବିଡାରୀ ସ୍ୱାଇଁ, ଉତ୍କଳ୍ପ ସ୍ୱାଇଁ, ପି. କର୍ଦମନ୍ଧ ସ୍ୱାଇଁ, ବା. ଅଲ୍ଲାପାଟ, ୨୦. କୃଷ୍ଣଚନ୍ଦ୍ର ସ୍ୱାଇଁ, ପି. ଲକ୍ଷ୍ମଣ ସ୍ୱାଇଁ, ବା. କୋଟି, ଲୋକନାଥ ଦାସ, ପି. ମାୟାଧର ଦାସ, ବା. କର୍ଣ୍ଣିକ, ବା. ଫତେଙ୍ଗ, ଧ୍ରୁବ ନାଗ, ପି. କୃଷ୍ଣ ଚନ୍ଦ୍ର ନାଗର, ବା. ଅଲ୍ଲାପାଟ, ବା. କୋଟି, ୨୧. ଜଗିଦୃପାତ ପ୍ରଧାନ, ଧୂପ ପ୍ରଧାନ, କଜି ପ୍ରଧାନ, ପି. ଉଦ୍ଧବଲ ପ୍ରଧାନ, ୨୨. ଚାନ୍ଦୁରି ସ୍ୱାଇଁ, ପି. ନିଧୁ ଚରଣ, ବା. ଅଲ୍ଲାପାଟ, ପି. ମଦନ ଚରଣ, ୨୩. ଚୋଳମୋଚିଣ ବେହେରା, ମାୟାଧର
Sl. No.	Khata No.	Plot No.	Total Area (In Ac.)	Proposed area to be Acquired (In Ac.)	Kissam	Name of the Tenant
111	45/41	225	1.000	1.000	ଶାରଦ ତିନି	ସ୍ୱ. ନିଶାକର ସ୍ୱାଇଁ ୩. ଚାନ୍ଦୁରି ସ୍ୱାଇଁ, ପି. ଉଦ୍ଧବ ସ୍ୱାଇଁ, ସୁମନା ସ୍ୱାଇଁ, ପି. ପରମେ ସ୍ୱାଇଁ ୪. ସୁରେନ୍ଦ୍ର ଶତ୍ପଥୀ, ଜାନକୀମଣି ଶତ୍ପଥୀ, ଭେଳୁ ଶତ୍ପଥୀ, ପି. ଅଭିନ ଶତ୍ପଥୀ, ପ୍ରମୋଦ ଶତ୍ପଥୀ, ପି. ଗୁରୁ ଶତ୍ପଥୀ, ୫. ବଳଭଦ୍ରଦାସ ଶତ୍ପଥୀ, ପି. ଶିବ ଶତ୍ପଥୀ, କୃଷ୍ଣ ଚନ୍ଦ୍ର ବେହେରା, ଗୁରୁଚିତ୍ତ ବେହେରା, ବେଣୁ ବେହେରା, ଭାନୁ ବେହେରା, ପି. ବଳ ବେହେରା, ୬. ପ୍ରଭାକର ଶତ୍ପଥୀ, ଦାମୋଦର ଶତ୍ପଥୀ, ସୁଦର୍ଶନ ଶତ୍ପଥୀ, ଚନ୍ଦ୍ରଧର ଶତ୍ପଥୀ, ପି. ଦିଗମ୍ବର ଶତ୍ପଥୀ, ପ୍ରଧୁମ୍ନିତ ଶତ୍ପଥୀ, ଜାନକୀ ଶତ୍ପଥୀ, ଚାନ୍ଦମୁଦେଇ ଶତ୍ପଥୀ, ପି. ଗୁରୁ ଶତ୍ପଥୀ, ୭. ଉଲ୍ଲସ ସ୍ୱାଇଁ, ସ୍ୱା. ମହେଶ୍ୱର ସ୍ୱାଇଁ, ବା. କୋଟି ପ୍ରଧାନ ଗ୍ରାମର ବରାଳ, ସୁଶାନ୍ତ ପ୍ରଧାନ ବରାଳ, ପି. ଗୋପାଳ ପ୍ରଧାନ ବରାଳ, ପି. ଉଷାକର ବରାଳ, କୃଷ୍ଣ ବରାଳ, ପି. ଯୋଗେଶ ବରାଳ, ବା. ଫତେପୁର, ୮. ଅଲେଖି ସାହୁ, ପି. ଗୋବିନ୍ଦ ସାହୁ, ବା. ଅଲଗାପାଟ, ବା. କୋଟି, ଦେବିପାତା ମଲ୍ଲିକ, ପି. ଜନ୍ମୁ ମଲ୍ଲିକ, ଅଗ୍ରବାମାତ ମଲ୍ଲିକ, ସ୍ୱା- ଅଶ୍ୱର ପ୍ରଧାନ ମଲ୍ଲିକ, ବା. ଜଳଭା ୯. ଅଭେଇଦ ସ୍ୱାଇଁ, ପି. ଦେବିପାତା ସ୍ୱାଇଁ, ମହେଶ ଗୁରୁ, ପି. ଗଙ୍ଗାଧର ଗୁରୁ, ବା. ତଶା, ୧୦. ପ୍ରଧାନ ଗ୍ରାମର ସ୍ୱାଇଁ, ପି. ଉପେନ୍ଦ୍ର ସ୍ୱାଇଁ ବା. ଚନ୍ଦ୍ର, ୧୧. ଶତ୍ପଥ ମଲ୍ଲିକ, ଦିବ ମଲ୍ଲିକ, ପି. ଖେତ୍ର ମଲ୍ଲିକ, ବା. ତଶା, ମିଶ୍ର ନାଗର, ପି. ସିଂହ ନାଗର, ବା. ଅଲ୍ଲାପାଟ, ବା. କୋଟି, ପ୍ରଶାନ୍ତ ସାହୁ, ପି. ଦାସୁନ ସାହୁ, ବା. ଗୁରିଆ, ବା. ଫତେପୁର, ୧୨. ଦିବାକର ସ୍ୱାଇଁ, ଖିରୋଦ ସ୍ୱାଇଁ, ଦେବିପାତା ସ୍ୱାଇଁ, ରମ୍ଭୁ ସ୍ୱାଇଁ, ପି. ଚାନ୍ଦୁ ସ୍ୱାଇଁ, ଦିବାକର ସ୍ୱାଇଁ, ପି. ମହେଶ୍ୱର ସ୍ୱାଇଁ, ବା. ଜେକିଆ, ୧୩. ପୁରୁଷୋତ୍ତମ ଛାତ, ପି. ପୂର୍ଣ୍ଣାନନ୍ଦ ଛାତନାୟକ, ବିଶିନ ଛାତନାୟକ, ପି. ଶତ୍ପଥ ଛାତନାୟକ, ମାଲନ ଛାତନାୟକ, ପି. ବଳ ଛାତନାୟକ, ୧୪. ଗୋକୁଳ ଛାତନାୟକ, ପି. ଫକୁ ଛାତନାୟକ, ନିଶାକର ଛାତନାୟକ, ପୁରୁଷୋତ୍ତମ ଛାତନାୟକ, ପି. ନକୁଳ ଛାତନାୟକ, ବା. ଅଲ୍ଲାପାଟ, ପୂର୍ଣ୍ଣଚନ୍ଦ୍ର ସ୍ୱାଇଁ, ଚନ୍ଦ୍ରକାନ୍ତ ସ୍ୱାଇଁ, ପି. ଭରତମାଣି ସ୍ୱାଇଁ, ବା. ଲେଝିଆଁ, ୧୫. ଜନ୍ମୁ ଛାତନାୟକ, ଛତ୍ରିସ୍ତ୍ର ଛାତନାୟକ, ପି. ବିଜୟ ଛାତନାୟକ, ବା. ଅଲ୍ଲାପାଟ ରେଶନ ଦାସ ପି. ଆନନ୍ଦ ଦାସ, ବା. ଯୋଗୀନ ଦେବିଦ୍ରଙ୍ଗ, ଦେବୀ ସ୍ୱାଇଁ, ପି. ଦିବାକର ସ୍ୱାଇଁ, ସୁମନା ସ୍ୱାଇଁ, ପି. ଶିରୋଜ ସ୍ୱାଇଁ, ୧୬. ଚିଣ୍ଡିର ସ୍ୱାଇଁ, ସ୍ୱାଇଁ ବାସୁଦେବ ସ୍ୱାଇଁ, ପି. ବାଞ୍ଛାନିଧି ସ୍ୱାଇଁ, ବା. କର୍ଣ୍ଣିକ, ଭରତ ଛାତନାୟକ, ଶରତ ଛାତନାୟକ, ପି. ଗଭୀରକ ଛାତନାୟକ, ୧୭. ଦିଣ୍ଡି ବେହେରା, ପି. ଯୋଗୀ ବେହେରା, ବିଷ୍ଣୁ ବେହେରା, ପି. ଧ୍ରୁବ ବେହେରା, ଭରତମାଣ ବେହେରା, ପି. ତଦନ ବେହେରା, ୧୮. ଭଗବତ ନାୟକ, ଧ୍ରୁବ ନାୟକ, ପି. ଜନ୍ମୁ ନାୟକ, ଦୂର୍ଦିଗ ନାୟକ, ଭେଷଜେତ ଦାସ ନାୟକ, ପି. ମହେନ୍ଦ୍ରର ନାୟକ, ୧୯. ବିଶି ନାୟକ, ପି. ମାଗାଧର ନାୟକ, ରାଜେନ୍ଦ୍ର ସ୍ୱାଇଁ, ପି. ଦେବିପାତା ସ୍ୱାଇଁ, ଗୁରୁରୀଶ୍ୱ ସ୍ୱାଇଁ, ପି. ବିଡାରୀ ସ୍ୱାଇଁ, ଉତ୍କଳ୍ପ ସ୍ୱାଇଁ, ପି. କର୍ଦମନ୍ଧ ସ୍ୱାଇଁ, ବା. ଅଲ୍ଲାପାଟ, ୨୦. କୃଷ୍ଣଚନ୍ଦ୍ର ସ୍ୱାଇଁ, ପି. ଲକ୍ଷ୍ମଣ ସ୍ୱାଇଁ, ବା. କୋଟି, ଲୋକନାଥ ଦାସ, ପି. ମାୟାଧର ଦାସ, ବା. କର୍ଣ୍ଣିକ, ବା. ଫତେଙ୍ଗ, ଧ୍ରୁବ ନାଗ, ପି. କୃଷ୍ଣ ଚନ୍ଦ୍ର ନାଗର, ବା. ଅଲ୍ଲାପାଟ, ବା. କୋଟି, ୨୧. ଜଗିଦୃପାତ ପ୍ରଧାନ, ଧୂପ ପ୍ରଧାନ, କଜି ପ୍ରଧାନ, ପି. ଉଦ୍ଧବଲ ପ୍ରଧାନ, ୨୨. ଚାନ୍ଦୁରି ସ୍ୱାଇଁ, ପି. ନିଧୁ ଚରଣ, ବା. ଅଲ୍ଲାପାଟ, ପି. ମଦନ ଚରଣ, ୨୩. ଚୋଳମୋଚିଣ ବେହେରା, ମାୟାଧର
112	45/41	227	0.610	0.610	ଶାରଦ ତିନି	ସ୍ୱ. ନିଶାକର ସ୍ୱାଇଁ ୩. ଚାନ୍ଦୁରି ସ୍ୱାଇଁ, ପି. ଉଦ୍ଧବ ସ୍ୱାଇଁ, ସୁମନା ସ୍ୱାଇଁ, ପି. ପରମେ ସ୍ୱାଇଁ ୪. ସୁରେନ୍ଦ୍ର ଶତ୍ପଥୀ, ଜାନକୀମଣି ଶତ୍ପଥୀ, ଭେଳୁ ଶତ୍ପଥୀ, ପି. ଅଭିନ ଶତ୍ପଥୀ, ପ୍ରମୋଦ ଶତ୍ପଥୀ, ପି. ଗୁରୁ ଶତ୍ପଥୀ, ୫. ବଳଭଦ୍ରଦାସ ଶତ୍ପଥୀ, ପି. ଶିବ ଶତ୍ପଥୀ, କୃଷ୍ଣ ଚନ୍ଦ୍ର ବେହେରା, ଗୁରୁଚିତ୍ତ ବେହେରା, ବେଣୁ ବେହେରା, ଭାନୁ ବେହେରା, ପି. ବଳ ବେହେରା, ୬. ପ୍ରଭାକର ଶତ୍ପଥୀ, ଦାମୋଦର ଶତ୍ପଥୀ, ସୁଦର୍ଶନ ଶତ୍ପଥୀ, ଚନ୍ଦ୍ରଧର ଶତ୍ପଥୀ, ପି. ଦିଗମ୍ବର ଶତ୍ପଥୀ, ପ୍ରଧୁମ୍ନିତ ଶତ୍ପଥୀ, ଜାନକୀ ଶତ୍ପଥୀ, ଚାନ୍ଦମୁଦେଇ ଶତ୍ପଥୀ, ପି. ଗୁରୁ ଶତ୍ପଥୀ, ୭. ଉଲ୍ଲସ ସ୍ୱାଇଁ, ସ୍ୱା. ମହେଶ୍ୱର ସ୍ୱାଇଁ, ବା. କୋଟି ପ୍ରଧାନ ଗ୍ରାମର ବରାଳ, ସୁଶାନ୍ତ ପ୍ରଧାନ ବରାଳ, ପି. ଗୋପାଳ ପ୍ରଧାନ ବରାଳ, ପି. ଉଷାକର ବରାଳ, କୃଷ୍ଣ ବରାଳ, ପି. ଯୋଗେଶ ବରାଳ, ବା. ଫତେପୁର, ୮. ଅଲେଖି ସାହୁ, ପି. ଗୋବିନ୍ଦ ସାହୁ, ବା. ଅଲଗାପାଟ, ବା. କୋଟି, ଦେବିପାତା ମଲ୍ଲିକ, ପି. ଜନ୍ମୁ ମଲ୍ଲିକ, ଅଗ୍ରବାମାତ ମଲ୍ଲିକ, ସ୍ୱା- ଅଶ୍ୱର ପ୍ରଧାନ ମଲ୍ଲିକ, ବା. ଜଳଭା ୯. ଅଭେଇଦ ସ୍ୱାଇଁ, ପି. ଦେବିପାତା ସ୍ୱାଇଁ, ମହେଶ ଗୁରୁ, ପି. ଗଙ୍ଗାଧର ଗୁରୁ, ବା. ତଶା, ୧୦. ପ୍ରଧାନ ଗ୍ରାମର ସ୍ୱାଇଁ, ପି. ଉପେନ୍ଦ୍ର ସ୍ୱାଇଁ ବା. ଚନ୍ଦ୍ର, ୧୧. ଶତ୍ପଥ ମଲ୍ଲିକ, ଦିବ ମଲ୍ଲିକ, ପି. ଖେତ୍ର ମଲ୍ଲିକ, ବା. ତଶା, ମିଶ୍ର ନାଗର, ପି. ସିଂହ ନାଗର, ବା. ଅଲ୍ଲାପାଟ, ବା. କୋଟି, ପ୍ରଶାନ୍ତ ସାହୁ, ପି. ଦାସୁନ ସାହୁ, ବା. ଗୁରିଆ, ବା. ଫତେପୁର, ୧୨. ଦିବାକର ସ୍ୱାଇଁ, ଖିରୋଦ ସ୍ୱାଇଁ, ଦେବିପାତା ସ୍ୱାଇଁ, ରମ୍ଭୁ ସ୍ୱାଇଁ, ପି. ଚାନ୍ଦୁ ସ୍ୱାଇଁ, ଦିବାକର ସ୍ୱାଇଁ, ପି. ମହେଶ୍ୱର ସ୍ୱାଇଁ, ବା. ଜେକିଆ, ୧୩. ପୁରୁଷୋତ୍ତମ ଛାତ, ପି. ପୂର୍ଣ୍ଣାନନ୍ଦ ଛାତନାୟକ, ବିଶିନ ଛାତନାୟକ, ପି. ଶତ୍ପଥ ଛାତନାୟକ, ମାଲନ ଛାତନାୟକ, ପି. ବଳ ଛାତନାୟକ, ୧୪. ଗୋକୁଳ ଛାତନାୟକ, ପି. ଫକୁ ଛାତନାୟକ, ନିଶାକର ଛାତନାୟକ, ପୁରୁଷୋତ୍ତମ ଛାତନାୟକ, ପି. ନକୁଳ ଛାତନାୟକ, ବା. ଅଲ୍ଲାପାଟ, ପୂର୍ଣ୍ଣଚନ୍ଦ୍ର ସ୍ୱାଇଁ, ଚନ୍ଦ୍ରକାନ୍ତ ସ୍ୱାଇଁ, ପି. ଭରତମାଣି ସ୍ୱାଇଁ, ବା. ଲେଝିଆଁ, ୧୫. ଜନ୍ମୁ ଛାତନାୟକ, ଛତ୍ରିସ୍ତ୍ର ଛାତନାୟକ, ପି. ବିଜୟ ଛାତନାୟକ, ବା. ଅଲ୍ଲାପାଟ ରେଶନ ଦାସ ପି. ଆନନ୍ଦ ଦାସ, ବା. ଯୋଗୀନ ଦେବିଦ୍ରଙ୍ଗ, ଦେବୀ ସ୍ୱାଇଁ, ପି. ଦିବାକର ସ୍ୱାଇଁ, ସୁମନା ସ୍ୱାଇଁ, ପି. ଶିରୋଜ ସ୍ୱାଇଁ, ୧୬. ଚିଣ୍ଡିର ସ୍ୱାଇଁ, ସ୍ୱାଇଁ ବାସୁଦେବ ସ୍ୱାଇଁ, ପି. ବାଞ୍ଛାନିଧି ସ୍ୱାଇଁ, ବା. କର୍ଣ୍ଣିକ, ଭରତ ଛାତନାୟକ, ଶରତ ଛାତନାୟକ, ପି. ଗଭୀରକ ଛାତନାୟକ, ୧୭. ଦିଣ୍ଡି ବେହେରା, ପି. ଯୋଗୀ ବେହେରା, ବିଷ୍ଣୁ ବେହେରା, ପି. ଧ୍ରୁବ ବେହେରା, ଭରତମାଣ ବେହେରା, ପି. ତଦନ ବେହେରା, ୧୮. ଭଗବତ ନାୟକ, ଧ୍ରୁବ ନାୟକ, ପି. ଜନ୍ମୁ ନାୟକ, ଦୂର୍ଦିଗ ନାୟକ, ଭେଷଜେତ ଦାସ ନାୟକ, ପି. ମହେନ୍ଦ୍ରର ନାୟକ, ୧୯. ବିଶି ନାୟକ, ପି. ମାଗାଧର ନାୟକ, ରାଜେନ୍ଦ୍ର ସ୍ୱାଇଁ, ପି. ଦେବିପାତା ସ୍ୱାଇଁ, ଗୁରୁରୀଶ୍ୱ ସ୍ୱାଇଁ, ପି. ବିଡାରୀ ସ୍ୱାଇଁ, ଉତ୍କଳ୍ପ ସ୍ୱାଇଁ, ପି. କର୍ଦମନ୍ଧ ସ୍ୱାଇଁ, ବା. ଅଲ୍ଲାପାଟ, ୨୦. କୃଷ୍ଣଚନ୍ଦ୍ର ସ୍ୱାଇଁ, ପି. ଲକ୍ଷ୍ମଣ ସ୍ୱାଇଁ, ବା. କୋଟି, ଲୋକନାଥ ଦାସ, ପି. ମାୟାଧର ଦାସ, ବା. କର୍ଣ୍ଣିକ, ବା. ଫତେଙ୍ଗ, ଧ୍ରୁବ ନାଗ, ପି. କୃଷ୍ଣ ଚନ୍ଦ୍ର ନାଗର, ବା. ଅଲ୍ଲାପାଟ, ବା. କୋଟି, ୨୧. ଜଗିଦୃପାତ ପ୍ରଧାନ, ଧୂପ ପ୍ରଧାନ, କଜି ପ୍ରଧାନ, ପି. ଉଦ୍ଧବଲ ପ୍ରଧାନ, ୨୨. ଚାନ୍ଦୁରି ସ୍ୱାଇଁ, ପି. ନିଧୁ ଚରଣ, ବା. ଅଲ୍ଲାପାଟ, ପି. ମଦନ ଚରଣ, ୨୩. ଚୋଳମୋଚିଣ ବେହେରା, ମାୟାଧର
113	45/41	189/289 (P)	4.000	1.840	ଶାରଦ ତିନି	ସ୍ୱ. ନିଶାକର ସ୍ୱାଇଁ ୩. ଚାନ୍ଦୁରି ସ୍ୱାଇଁ, ପି. ଉଦ୍ଧବ ସ୍ୱାଇଁ, ସୁମନା ସ୍ୱାଇଁ, ପି. ପରମେ ସ୍ୱାଇଁ ୪. ସୁରେନ୍ଦ୍ର ଶତ୍ପଥୀ, ଜାନକୀମଣି ଶତ୍ପଥୀ, ଭେଳୁ ଶତ୍ପଥୀ, ପି. ଅଭିନ ଶତ୍ପଥୀ, ପ୍ରମୋଦ ଶତ୍ପଥୀ, ପି. ଗୁରୁ ଶତ୍ପଥୀ, ୫. ବଳଭଦ୍ରଦାସ ଶତ୍ପଥୀ, ପି. ଶିବ ଶତ୍ପଥୀ, କୃଷ୍ଣ ଚନ୍ଦ୍ର ବେହେରା, ଗୁରୁଚିତ୍ତ ବେହେରା, ବେଣୁ ବେହେରା, ଭାନୁ ବେହେରା, ପି. ବଳ ବେହେରା, ୬. ପ୍ରଭାକର ଶତ୍ପଥୀ, ଦାମୋଦର ଶତ୍ପଥୀ, ସୁଦର୍ଶନ ଶତ୍ପଥୀ, ଚନ୍ଦ୍ରଧର ଶତ୍ପଥୀ, ପି. ଦିଗମ୍ବର ଶତ୍ପଥୀ, ପ୍ରଧୁମ୍ନିତ ଶତ୍ପଥୀ, ଜାନକୀ ଶତ୍ପଥୀ, ଚାନ୍ଦମୁଦେଇ ଶତ୍ପଥୀ, ପି. ଗୁରୁ ଶତ୍ପଥୀ, ୭. ଉଲ୍ଲସ ସ୍ୱାଇଁ, ସ୍ୱା. ମହେଶ୍ୱର ସ୍ୱାଇଁ, ବା. କୋଟି ପ୍ରଧାନ ଗ୍ରାମର ବରାଳ, ସୁଶାନ୍ତ ପ୍ରଧାନ ବରାଳ, ପି. ଗୋପାଳ ପ୍ରଧାନ ବରାଳ, ପି. ଉଷାକର ବରାଳ, କୃଷ୍ଣ ବରାଳ, ପି. ଯୋଗେଶ ବରାଳ, ବା. ଫତେପୁର, ୮. ଅଲେଖି ସାହୁ, ପି. ଗୋବିନ୍ଦ ସାହୁ, ବା. ଅଲଗାପାଟ, ବା. କୋଟି, ଦେବିପାତା ମଲ୍ଲିକ, ପି. ଜନ୍ମୁ ମଲ୍ଲିକ, ଅଗ୍ରବାମାତ ମଲ୍ଲିକ, ସ୍ୱା- ଅଶ୍ୱର ପ୍ରଧାନ ମଲ୍ଲିକ, ବା. ଜଳଭା ୯. ଅଭେଇଦ ସ୍ୱାଇଁ, ପି. ଦେବିପାତା ସ୍ୱାଇଁ, ମହେଶ ଗୁରୁ, ପି. ଗଙ୍ଗାଧର ଗୁରୁ, ବା. ତଶା, ୧୦. ପ୍ରଧାନ ଗ୍ରାମର ସ୍ୱାଇଁ, ପି. ଉପେନ୍ଦ୍ର ସ୍ୱାଇଁ ବା. ଚନ୍ଦ୍ର, ୧୧. ଶତ୍ପଥ ମଲ୍ଲିକ, ଦିବ ମଲ୍ଲିକ, ପି. ଖେତ୍ର ମଲ୍ଲିକ, ବା. ତଶା, ମିଶ୍ର ନାଗର, ପି. ସିଂହ ନାଗର, ବା. ଅଲ୍ଲାପାଟ, ବା. କୋଟି, ପ୍ରଶାନ୍ତ ସାହୁ, ପି. ଦାସୁନ ସାହୁ, ବା. ଗୁରିଆ, ବା. ଫତେପୁର, ୧୨. ଦିବାକର ସ୍ୱାଇଁ, ଖିରୋଦ ସ୍ୱାଇଁ, ଦେବିପାତା ସ୍ୱାଇଁ, ରମ୍ଭୁ ସ୍ୱାଇଁ, ପି. ଚାନ୍ଦୁ ସ୍ୱାଇଁ, ଦିବାକର ସ୍ୱାଇଁ, ପି. ମହେଶ୍ୱର ସ୍ୱାଇଁ, ବା. ଜେକିଆ, ୧୩. ପୁରୁଷୋତ୍ତମ ଛାତ, ପି. ପୂର୍ଣ୍ଣାନନ୍ଦ ଛାତନାୟକ, ବିଶିନ ଛାତନାୟକ, ପି. ଶତ୍ପଥ ଛାତନାୟକ, ମାଲନ ଛାତନାୟକ, ପି. ବଳ ଛାତନାୟକ, ୧୪. ଗୋକୁଳ ଛାତନାୟକ, ପି. ଫକୁ ଛାତନାୟକ, ନିଶାକର ଛାତନାୟକ, ପୁରୁଷୋତ୍ତମ ଛାତନାୟକ, ପି. ନକୁଳ ଛାତନାୟକ, ବା. ଅଲ୍ଲାପାଟ, ପୂର୍ଣ୍ଣଚନ୍ଦ୍ର ସ୍ୱାଇଁ, ଚନ୍ଦ୍ରକାନ୍ତ ସ୍ୱାଇଁ, ପି. ଭରତମାଣି ସ୍ୱାଇଁ, ବା. ଲେଝିଆଁ, ୧୫. ଜନ୍ମୁ ଛାତନାୟକ, ଛତ୍ରିସ୍ତ୍ର ଛାତନାୟକ, ପି. ବିଜୟ ଛାତନାୟକ, ବା. ଅଲ୍ଲାପାଟ ରେଶନ ଦାସ ପି. ଆନନ୍ଦ ଦାସ, ବା. ଯୋଗୀନ ଦେବିଦ୍ରଙ୍ଗ, ଦେବୀ ସ୍ୱାଇଁ, ପି. ଦିବାକର ସ୍ୱାଇଁ, ସୁମନା ସ୍ୱାଇଁ, ପି. ଶିରୋଜ ସ୍ୱାଇଁ, ୧୬. ଚିଣ୍ଡିର ସ୍ୱାଇଁ, ସ୍ୱାଇଁ ବାସୁଦେବ ସ୍ୱାଇଁ, ପି. ବାଞ୍ଛାନିଧି ସ୍ୱାଇଁ, ବା. କର୍ଣ୍ଣିକ, ଭରତ ଛାତନାୟକ, ଶରତ ଛାତନାୟକ, ପି. ଗଭୀରକ ଛାତନାୟକ, ୧୭. ଦିଣ୍ଡି ବେହେରା, ପି. ଯୋଗୀ ବେହେରା, ବିଷ୍ଣୁ ବେହେରା, ପି. ଧ୍ରୁବ ବେହେରା, ଭରତମାଣ ବେହେରା, ପି. ତଦନ ବେହେରା, ୧୮. ଭଗବତ ନାୟକ, ଧ୍ରୁବ ନାୟକ, ପି. ଜନ୍ମୁ ନାୟକ, ଦୂର୍ଦିଗ ନାୟକ, ଭେଷଜେତ ଦାସ ନାୟକ, ପି. ମହେନ୍ଦ୍ରର ନାୟକ, ୧୯. ବିଶି ନାୟକ, ପି. ମାଗାଧର ନାୟକ, ରାଜେନ୍ଦ୍ର ସ୍ୱାଇଁ, ପି. ଦେବିପାତା ସ୍ୱାଇଁ, ଗୁରୁରୀଶ୍ୱ ସ୍ୱାଇଁ, ପି. ବିଡାରୀ ସ୍ୱାଇଁ, ଉତ୍କଳ୍ପ ସ୍ୱାଇଁ, ପି. କର୍ଦମନ୍ଧ ସ୍ୱାଇଁ, ବା. ଅଲ୍ଲାପାଟ, ୨୦. କୃଷ୍ଣଚନ୍ଦ୍ର ସ୍ୱାଇଁ, ପି. ଲକ୍ଷ୍ମଣ ସ୍ୱାଇଁ, ବା. କୋଟି, ଲୋକନାଥ ଦାସ, ପି. ମାୟାଧର ଦାସ, ବା. କର୍ଣ୍ଣିକ, ବା. ଫତେଙ୍ଗ, ଧ୍ରୁବ ନାଗ, ପି. କୃଷ୍ଣ ଚନ୍ଦ୍ର ନାଗର, ବା. ଅଲ୍ଲାପାଟ, ବା. କୋଟି, ୨୧. ଜଗିଦୃପାତ ପ୍ରଧାନ, ଧୂପ ପ୍ରଧାନ, କଜି ପ୍ରଧାନ, ପି. ଉଦ୍ଧବଲ ପ୍ରଧାନ, ୨୨. ଚାନ୍ଦୁରି ସ୍ୱାଇଁ, ପି. ନିଧୁ ଚରଣ, ବା. ଅଲ୍ଲାପାଟ, ପି. ମଦନ ଚରଣ, ୨୩. ଚୋଳମୋଚିଣ ବେହେରା, ମାୟାଧର
114	45/61	44	0.080	0.080	ଜଳାଶୟ ପୁର	ଜଗନ୍ନାଥ ମହାନ୍ତି, ଉଦ୍ଧବୀଚନ୍ଦ୍ର ମହାନ୍ତି, ପି. ବୃନ୍ଦାବନ ମହାନ୍ତି ୧/୪ ରେ ୧୦ ଅଣା ୫ ପାଇ, ଗ୍ରା. ମହାରଗାଁ, ବା. ଭିଙ୍ଗିଳା, ପୁଟିମ୍ବ ଦାସ, ପି. ରାମଚନ୍ଦ୍ର ଦାସ ୦/୪ ରେ ୫ ଅଣା ୭ ପାଇ, ଗ୍ରା. ନରସିହପୁର, ବା. ଯଗିବିଣ୍ଡା, ଥାନା - ନିଳଗିରର
115	45/46	26	0.810	0.810	ଶାରଦ ଏକ	ଚନ୍ଦ୍ରଧର ଦାସ, ପି. ରାମ ଚନ୍ଦ୍ର ଦାସ, ବା. ଚର୍ଣ୍ଣିକ, ବା. ଜଗିବିଣ୍ଡି
116	26	26/347	1.000	1.000	ଶାରଦ ଏକ	ରତି ନାଗ ଦାସ, ନବୀନ ଦାସ, ପି. ହରିହର ଦାସ, ବା. କର୍ଣ୍ଣିକ, ଥ. ଜଗିବିଣ୍ଡି
117	33	26/346	3.000	3.000	ଶାରଦ ଏକ	ଭରତ ଦାସ ପି. ଯୋଗେନ୍ଦ୍ର ଦାସ, ବା. କର୍ଣ୍ଣିକ, ବା. ଜଗି
118	45/54	31	0.800	0.800	ପତିତ	ମଦନ ମୋହନ ଦାସ, ପି. ଗୋପୀ ମୋହନ ଦାସ, ବା. କର୍ଣ୍ଣିକ, ବା. ଜଗିବିଣ୍ଡି
119	45/60	38	0.720	0.720	ଶାରଦ ଏକ	ପ୍ରହ୍ଲାଦ ଦାସ, ପି. ଚିତ୍ତନ୍ନ ଚନ୍ଦ୍ର ଦାସ, ବା. କର୍ଣ୍ଣିକ, ବା. ଜଗିବିଣ୍ଡା
120	28	38/324 (P)	7.720	7.400	ଶାରଦ ଏକ	ନିତ୍ୟାନ୍ଦ ପ୍ରଧାନ ଦାସ, ଚିତ୍ତିରଞ୍ଜନ ଦାସ, ପି. ଉଦ୍ଧବ ନାଥ ଦାସ, ନରେନ୍ଦ୍ର ପ୍ରଧାନ ଦାସ, ପି. ସୁଧାକର ଦାସ ବା. କର୍ଣ୍ଣିକ, ଜଗିବିଣ୍ଡା
121	45/57	38/430 (P)	9.000	8.680	ଶାରଦ ଏକ	ଓଡ଼ିଶା ସରକାର, ଚାଉଳ ମାଲିକ, ପି. ଶିଶୁପାଳ ଦାସ, ବା. ଜଗିବିଣ୍ଡାପୁର, ପି. ଚତୁରଙ୍ଗ, ବିଦ୍ୟାବନ୍ତ ଦେବେ, ପି. ପୁଣ୍ୟଧ୍ୱଜ ଦେବ, ବା. ଉଦ୍ୟାନ, ବା. ଅବ୍ୟାପକ, ବିଶ୍ୱନାଥ ସାମଲ, ପି. ବୁଲୁ ସାମଲ, ବା. ଅଲ୍ଲାପାଟ, ବା. ବାରିପଦା
122	45/58	38/431	0.620	0.620	ଶାରଦ ଏକ	ପରମ ନାଗ ନାଥ, ପି. ରାମ ନନ୍ଦନ, ବା. ଗୁଡ଼ିଆ, ବା. ଭିଙ୍ଗିଳ
123	45/59	38/432	1.870	1.870	ଶାରଦ ଏକ	ରାମ ଦାସ ଦାସ, ପି. ଦାସ, ବା. ଜଗିବିଣ୍ଡି
124	45/65	79 (P)	0.520	0.400	ଶାରଦ ଏକ	ମୋହନ ପ୍ରଧାନ, ପି. ଦଇତାରି ଚରଣ ପ୍ରଧାନ, ବା. ତଶା, ବା. ନିକଣ୍ଡି
125	45/65	113	0.510	0.510	ଶାରଦ ଏକ	ମୋହନ ପ୍ରଧାନ, ପି. ଦଇତାରି ଚରଣ ପ୍ରଧାନ, ବା. ତଶା, ବା. ନିକଣ୍ଡି
126	45/64	113/437	0.510	0.510	ଶାରଦ ଏକ	ମୋହନ ପ୍ରଧାନ, ପି. ଦଇତାରି ଚରଣ ପ୍ରଧାନ, ବା. ତଶା, ବା. ନିକଣ୍ଡି
127	45/88	159	4.280	4.280	ଶାରଦ ଏକ	ଜିଲାର ମହାନ୍ତି, ବା. ଅଲ୍ଲାପାଟ, ରାମ ଦାସ, ପି. ନାନି ଦାସ, ଗ୍ରା. ଅଦ୍ୱିତୀୟ ପତ୍ତନ, ପି. ଅଭିନିବେଶ ଉତ୍ତର ଚୌଧୁରୀ, ଭାବିନୀ ସ୍ତ୍ରୀ, ପି. ଗଜପତି, ଆତ୍ମନ ମହାନ୍ତି, ଭୋନି ମହାନ୍ତି, ପି. ମଦନ ମଳ ନିଧି, ପି. ଗର୍ଭି ନାରାୟଣ, ବା. ଅଲ୍ଲାପାଟ, ବା. ନିମିଡ଼ିକି, ଥାନା - ପାରାଦୀପଗଡ଼, ବା. ଭୋଗରାଇ, ରାମ ପ୍ରଧାନ, ଗ୍ରା. ଉତ୍ତର ଦେଶ, ବା. ଜଗନ୍ନାଥପୁର ଅଙ୍କଳି, ଉତ୍କଳ ଦାସ ସାମଲ, ଥାନା - ଶାସନ ଦାସ, ଗଙ୍ଗାଧର, କୁରିଆ, ବା. ଜଗନ୍ନାଥ, ବା. ବରିପଦା, ବା. ଜଗିବିଣ୍ଡା, ପି. ଗୋପାଳ ଚନ୍ଦ୍ର ଦାସ, ଜି. ଖାନ୍ଦିଆଁ, ବା. ଖାନ୍ଦି ପ୍ରଧାନ, ପି. ଲିଙ୍ଗାରାଜ ସାହୁ, ବା. ଗୋବିନ୍ଦ ନାୟକ, ଗ୍ରା. ଶାସନ ଦେଶ, ପି. ନାମ ପ୍ରଧାନ, ଶତ୍ରୁଘ୍ନ ଭୁଞ୍ଜ, ପି. ଗୋପାଳ ଉଦ୍ଧବ ନାୟକ, ଚୌଧୁରୀ ଆଦି ଦାସ, ପି. ଜୟ ପ୍ରଧାନ, ସୋମନାଥ ସାମଲ, ପି. ମଧୁ ସୂଦନ, ଦୁଃଖୀଶ୍ୟାମ ଦାସ, ଶ୍ରୀମତୀ ପ୍ରମିଳା, ଥାନା - ପାରାଦୀପ, ବା. ଅଲ୍ଲାପାଟ, ସୁଭଦ୍ରା, ପି. ମଦନ ମୋହନ ସେଠୀ, ବା. ଖୁଣ୍ଟା ଜଗିବିଣ୍ଡା, ଦେ.ଓ.ଡି.-୭୫୭, ଓଟି-୨୩.୦୪.୧୯୯୭ ଅନୁସାରେ-୧୩୪୦୦/-, ଓ.ସି.ଏସ. ଅଫିସର, ସି.ଡି. ଯାଜପୁର ଜିଲ୍ଲା, ତହସିଲ ଅନ୍ତର୍ଗତ ଓଡ଼ିଶା ଭୁଦାନ ଯଜ୍ଞ ସମିତି, ଜଗିବିଣ୍ଡା ଗ୍ରାମ ପଞ୍ଚାୟତ, ଧର୍ମଶାଳା, ଜି. ଜାଜପୁର, ପି. ଦୟାନିଧି ପ୍ରଧାନ, ବା. କୁଆଖାଇ, ବା. ଅଲ୍ଲାପାଟ, ପି. ଶିବପ୍ରସାଦ, ବା. ନିମିଡ଼ିକି
128	45/88	232/309	17.740	17.740	ଶାରଦ ଏକ	ଜିଲାର ମହାନ୍ତି, ବା. ଅଲ୍ଲାପାଟ, ରାମ ଦାସ, ପି. ନାନି ଦାସ, ଗ୍ରା. ଅଦ୍ୱିତୀୟ ପତ୍ତନ, ପି. ଅଭିନିବେଶ ଉତ୍ତର ଚୌଧୁରୀ, ଭାବିନୀ ସ୍ତ୍ରୀ, ପି. ଗଜପତି, ଆତ୍ମନ ମହାନ୍ତି, ଭୋନି ମହାନ୍ତି, ପି. ମଦନ ମଳ ନିଧି, ପି. ଗର୍ଭି ନାରାୟଣ, ବା. ଅଲ୍ଲାପାଟ, ବା. ନିମିଡ଼ିକି, ଥାନା - ପାରାଦୀପଗଡ଼, ବା. ଭୋଗରାଇ, ରାମ ପ୍ରଧାନ, ଗ୍ରା. ଉତ୍ତର ଦେଶ, ବା. ଜଗନ୍ନାଥପୁର ଅଙ୍କଳି, ଉତ୍କଳ ଦାସ ସାମଲ, ଥାନା - ଶାସନ ଦାସ, ଗଙ୍ଗାଧର, କୁରିଆ, ବା. ଜଗନ୍ନାଥ, ବା. ବରିପଦା, ବା. ଜଗିବିଣ୍ଡା, ପି. ଗୋପାଳ ଚନ୍ଦ୍ର ଦାସ, ଜି. ଖାନ୍ଦିଆଁ, ବା. ଖାନ୍ଦି ପ୍ରଧାନ, ପି. ଲିଙ୍ଗାରାଜ ସାହୁ, ବା. ଗୋବିନ୍ଦ ନାୟକ, ଗ୍ରା. ଶାସନ ଦେଶ, ପି. ନାମ ପ୍ରଧାନ, ଶତ୍ରୁଘ୍ନ ଭୁଞ୍ଜ, ପି. ଗୋପାଳ ଉଦ୍ଧବ ନାୟକ, ଚୌଧୁରୀ ଆଦି ଦାସ, ପି. ଜୟ ପ୍ରଧାନ, ସୋମନାଥ ସାମଲ, ପି. ମଧୁ ସୂଦନ, ଦୁଃଖୀଶ୍ୟାମ ଦାସ, ଶ୍ରୀମତୀ ପ୍ରମିଳା, ଥାନା - ପାରାଦୀପ, ବା. ଅଲ୍ଲାପାଟ, ସୁଭଦ୍ରା, ପି. ମଦନ ମୋହନ ସେଠୀ, ବା. ଖୁଣ୍ଟା ଜଗିବିଣ୍ଡା, ଦେ.ଓ.ଡି.-୭୫୭, ଓଟି-୨୩.୦୪.୧୯୯୭ ଅନୁସାରେ-୧୩୪୦୦/-, ଓ.ସି.ଏସ. ଅଫିସର, ସି.ଡି. ଯାଜପୁର ଜିଲ୍ଲା, ତହସିଲ ଅନ୍ତର୍ଗତ ଓଡ଼ିଶା ଭୁଦାନ ଯଜ୍ଞ ସମିତି, ଜଗିବିଣ୍ଡା ଗ୍ରାମ ପଞ୍ଚାୟତ, ଧର୍ମଶାଳା, ଜି. ଜାଜପୁର, ପି. ଦୟାନିଧି ପ୍ରଧାନ, ବା. କୁଆଖାଇ, ବା. ଅଲ୍ଲାପାଟ, ପି. ଶିବପ୍ରସାଦ, ବା. ନିମିଡ଼ିକି
